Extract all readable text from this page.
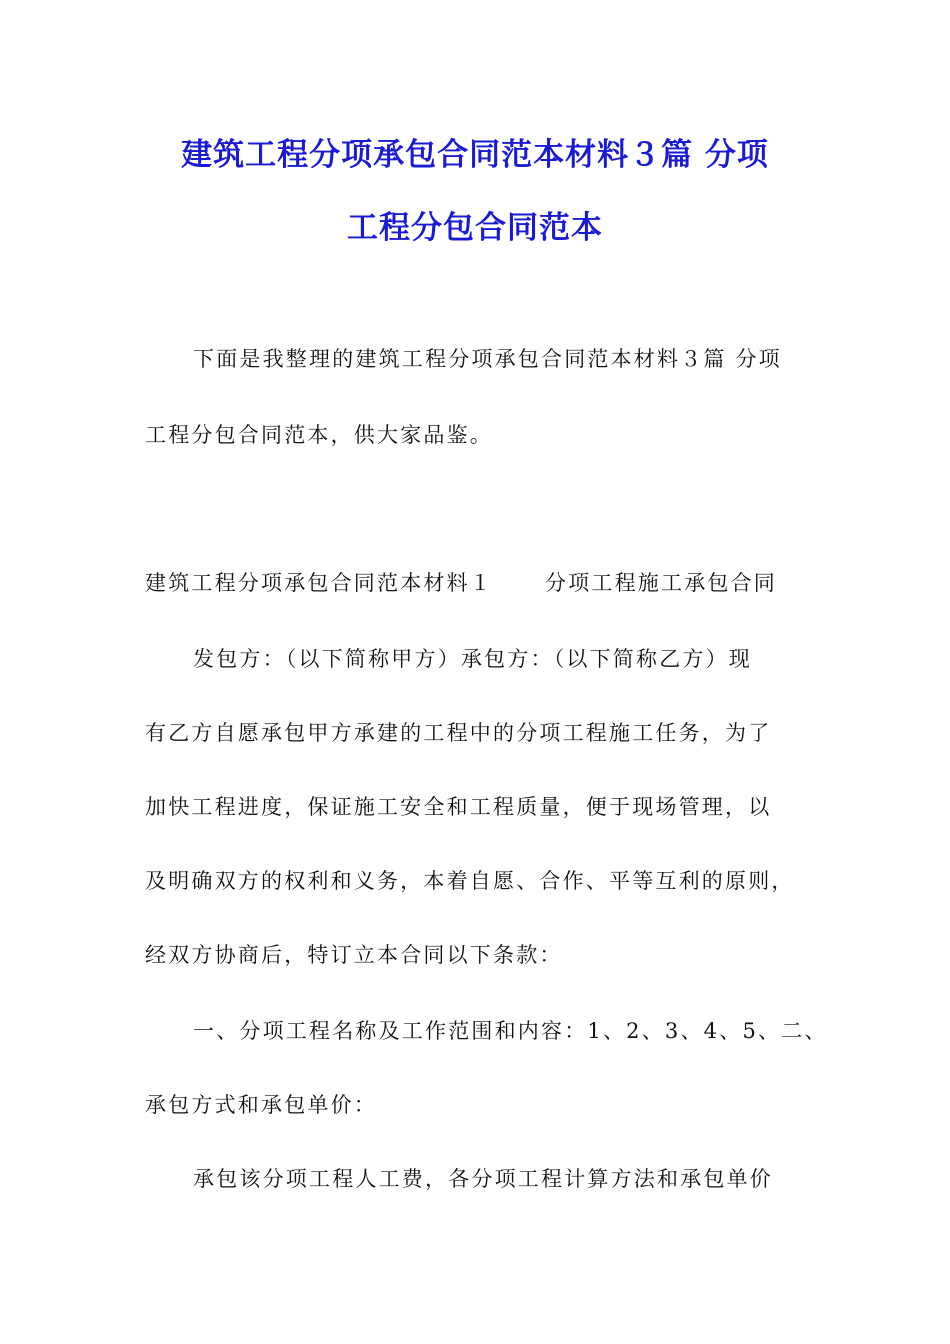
建筑工程分项承包合同范本材料３篇 分项
工程分包合同范本
下面是我整理的建筑工程分项承包合同范本材料３篇 分项
工程分包合同范本，供大家品鉴。
建筑工程分项承包合同范本材料１ 分项工程施工承包合同
发包方：（以下简称甲方）承包方：（以下简称乙方）现
有乙方自愿承包甲方承建的工程中的分项工程施工任务，为了
加快工程进度，保证施工安全和工程质量，便于现场管理，以
及明确双方的权利和义务，本着自愿、合作、平等互利的原则，
经双方协商后，特订立本合同以下条款：
一、分项工程名称及工作范围和内容：1、2、3、4、5、二、
承包方式和承包单价：
承包该分项工程人工费，各分项工程计算方法和承包单价
